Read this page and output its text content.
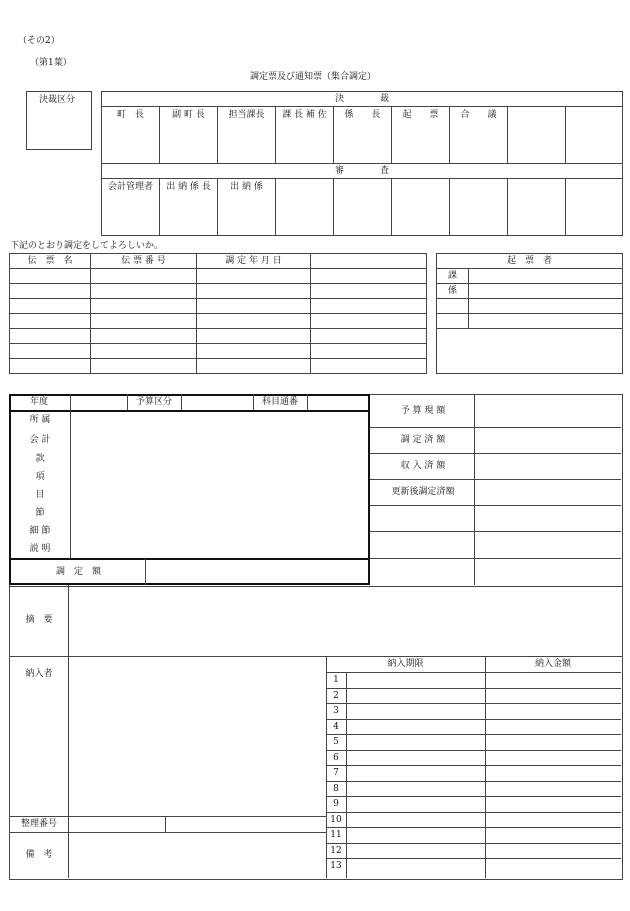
（その2）
（第1葉）
調定票及び通知票（集合調定）
決裁区分	決　　　　裁								
町　長	副 町 長	担当課長	課 長 補 佐	係　　長	起　　票	合　　議		
審　　　　査								
会計管理者	出 納 係 長	出 納 係						
下記のとおり調定をしてよろしいか。
伝　票　名	伝 票 番 号	調 定 年 月 日	

				起　票　者	
課	
係	

年度	予算区分	科目通番
所 属
会 計
款
項
目
節
細 節
説 明
調　定　額
予 算 現 額
調 定 済 額
収 入 済 額
更新後調定済額
摘　要
納入者
納入期限	納入金額
整理番号
備　考
1
2
3
4
5
6
7
8
9
10
11
12
13
